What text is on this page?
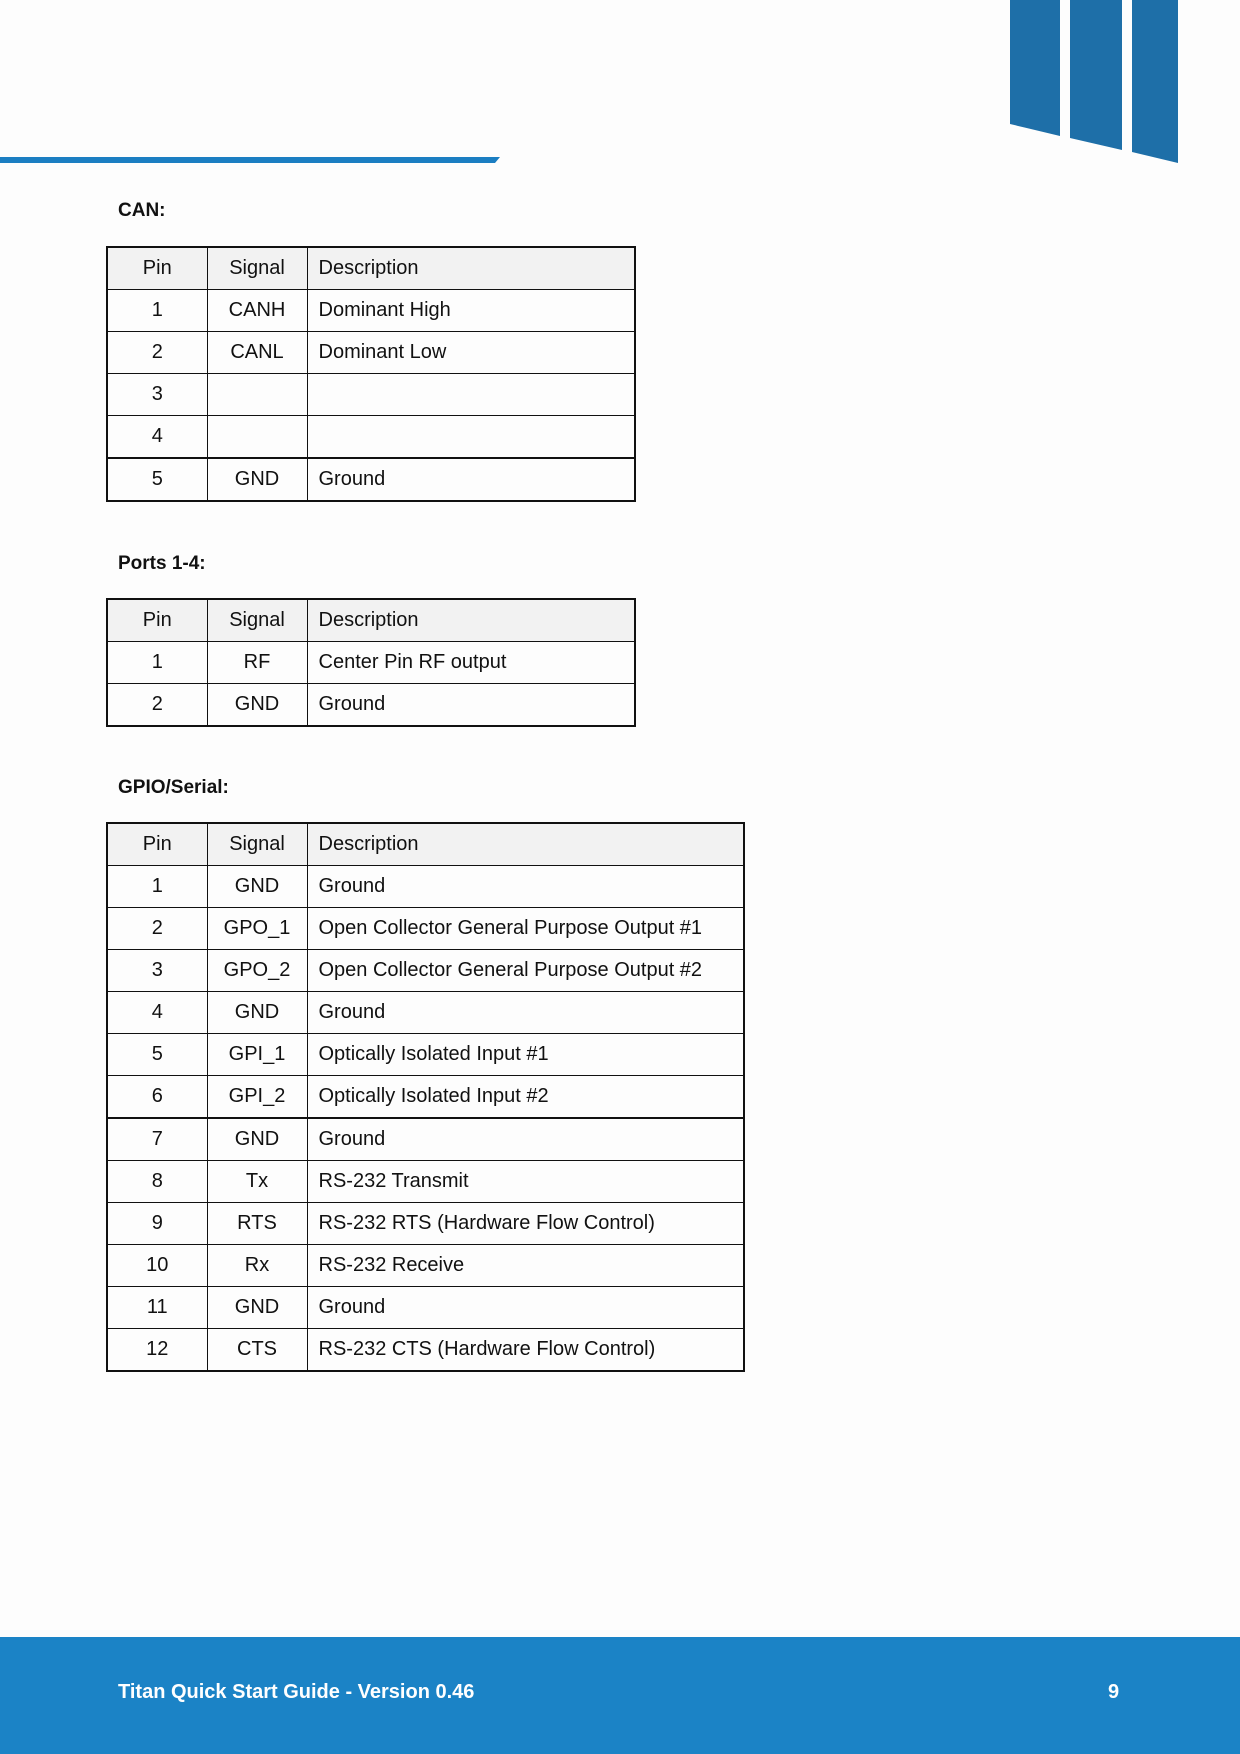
CAN:
Pin	Signal	Description
1	CANH	Dominant High
2	CANL	Dominant Low
3		
4		
5	GND	Ground
Ports 1-4:
Pin	Signal	Description
1	RF	Center Pin RF output
2	GND	Ground
GPIO/Serial:
Pin	Signal	Description
1	GND	Ground
2	GPO_1	Open Collector General Purpose Output #1
3	GPO_2	Open Collector General Purpose Output #2
4	GND	Ground
5	GPI_1	Optically Isolated Input #1
6	GPI_2	Optically Isolated Input #2
7	GND	Ground
8	Tx	RS-232 Transmit
9	RTS	RS-232 RTS (Hardware Flow Control)
10	Rx	RS-232 Receive
11	GND	Ground
12	CTS	RS-232 CTS (Hardware Flow Control)
Titan Quick Start Guide - Version 0.46	9
